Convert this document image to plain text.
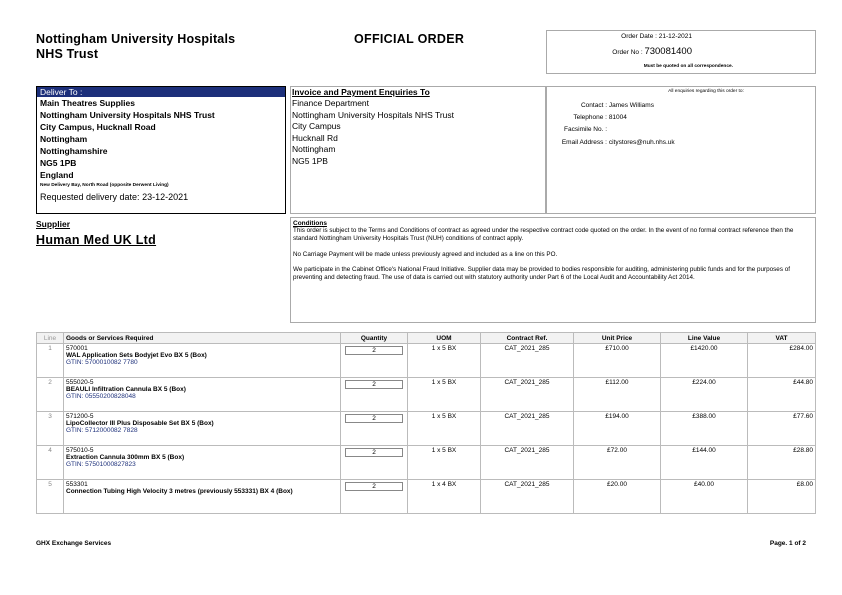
Nottingham University Hospitals
NHS Trust
OFFICIAL ORDER	Order Date : 21-12-2021
Order No : 730081400
Must be quoted on all correspondence.
Deliver To :
Main Theatres Supplies
Nottingham University Hospitals NHS Trust
City Campus, Hucknall Road
Nottingham
Nottinghamshire
NG5 1PB
England
New Delivery Bay, North Road (opposite Derwent Living)
Requested delivery date: 23-12-2021
Invoice and Payment Enquiries To
Finance Department
Nottingham University Hospitals NHS Trust
City Campus
Hucknall Rd
Nottingham
NG5 1PB
All enquiries regarding this order to:
Contact : James Williams
Telephone : 81004
Facsimile No. :
Email Address : citystores@nuh.nhs.uk
Supplier
Human Med UK Ltd
Conditions

This order is subject to the Terms and Conditions of contract as agreed under the respective contract code quoted on the order. In the event of no formal contract reference then the standard Nottingham University Hospitals Trust (NUH) conditions of contract apply.

No Carriage Payment will be made unless previously agreed and included as a line on this PO.

We participate in the Cabinet Office's National Fraud Initiative. Supplier data may be provided to bodies responsible for auditing, administering public funds and for the purposes of preventing and detecting fraud. The use of data is carried out with statutory authority under Part 6 of the Local Audit and Accountability Act 2014.

Line	Goods or Services Required	Quantity	UOM	Contract Ref.	Unit Price	Line Value	VAT
1	570001
WAL Application Sets Bodyjet Evo BX 5 (Box)
GTIN: 5700010082 7780	2	1 x 5 BX	CAT_2021_285	£710.00	£1420.00	£284.00
2	555020-5
BEAULI Infiltration Cannula BX 5 (Box)
GTIN: 05550200828048	2	1 x 5 BX	CAT_2021_285	£112.00	£224.00	£44.80
3	571200-5
LipoCollector III Plus Disposable Set BX 5 (Box)
GTIN: 5712000082 7828	2	1 x 5 BX	CAT_2021_285	£194.00	£388.00	£77.60
4	575010-5
Extraction Cannula 300mm BX 5 (Box)
GTIN: 57501000827823	2	1 x 5 BX	CAT_2021_285	£72.00	£144.00	£28.80
5	553301
Connection Tubing High Velocity 3 metres (previously 553331) BX 4 (Box)	2	1 x 4 BX	CAT_2021_285	£20.00	£40.00	£8.00
GHX Exchange Services	Page. 1 of 2
